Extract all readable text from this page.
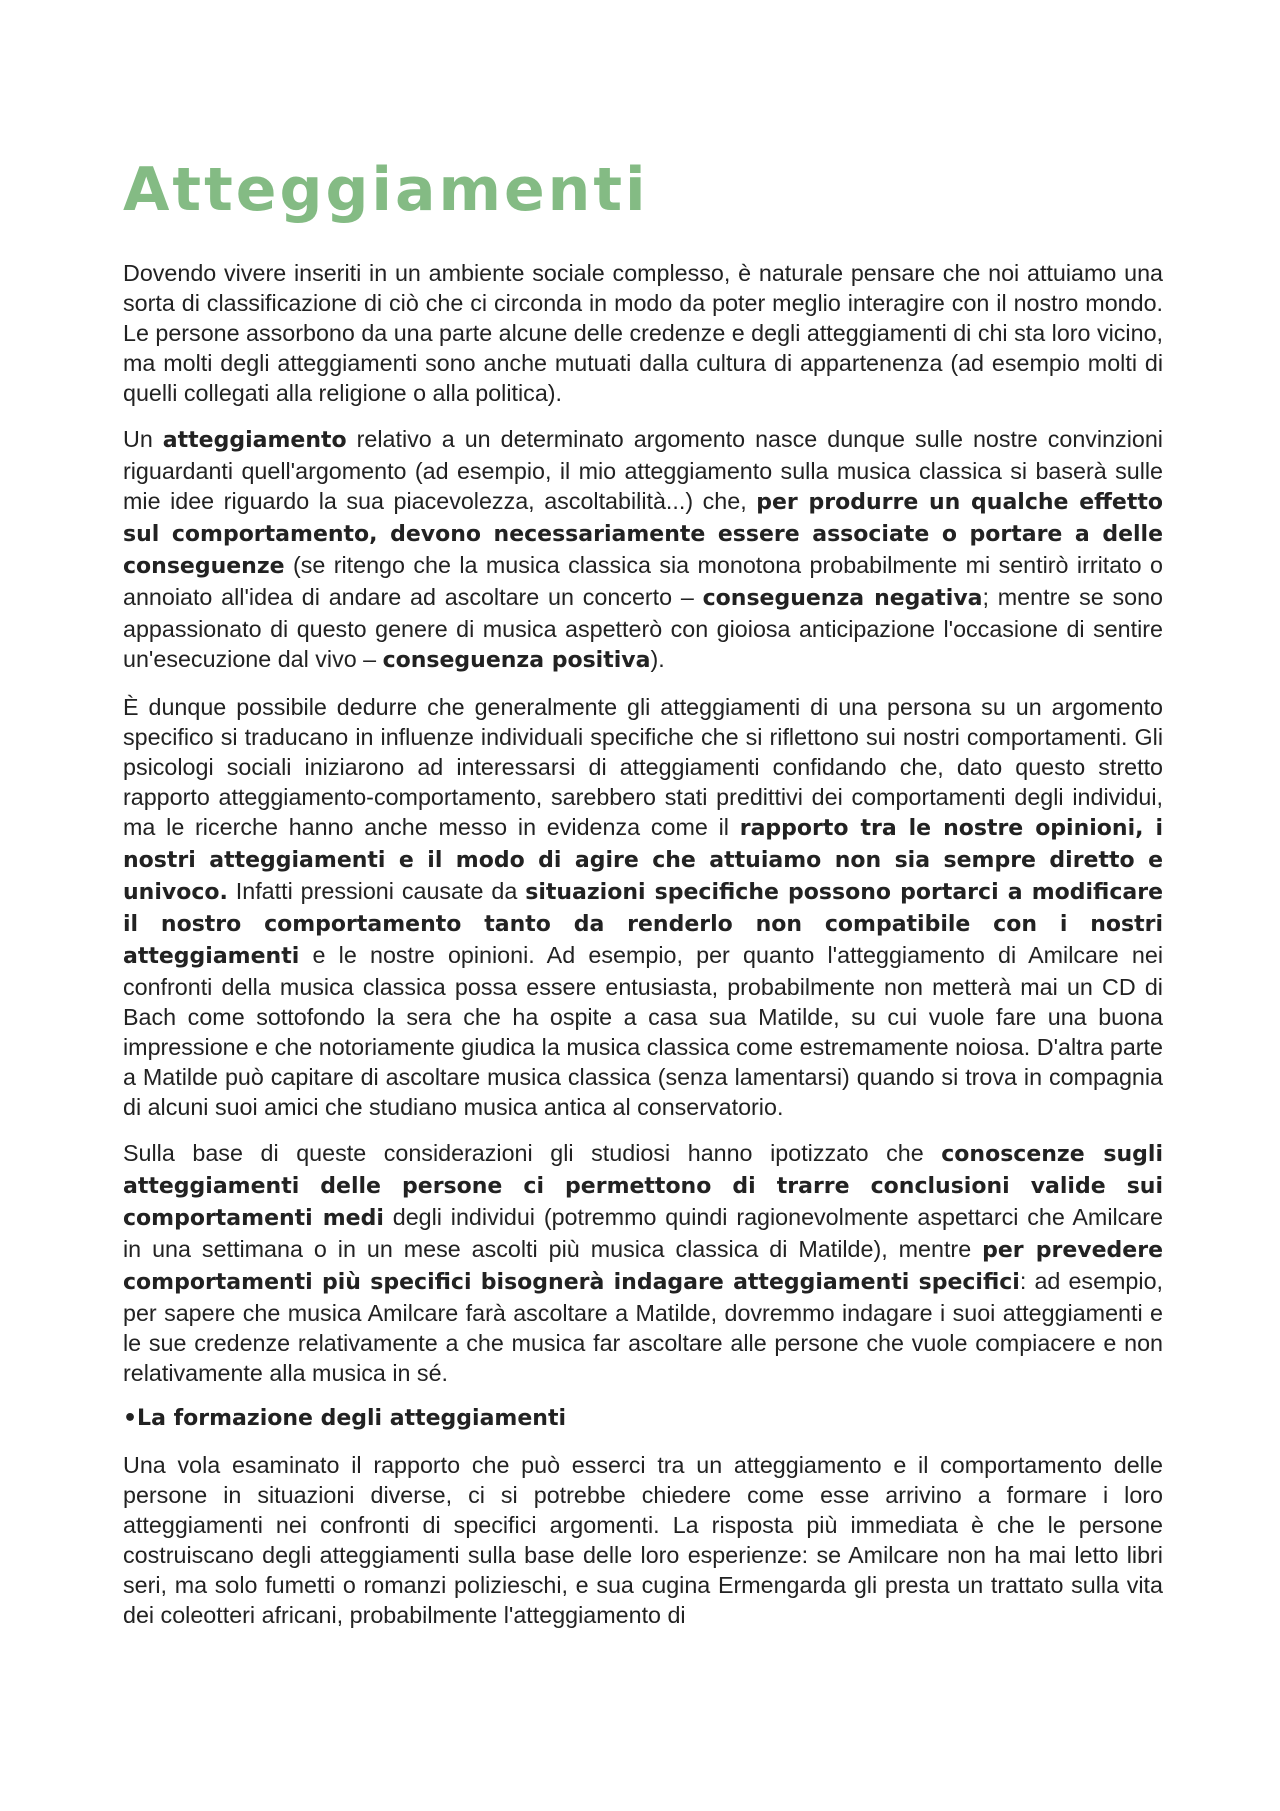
Atteggiamenti

Dovendo vivere inseriti in un ambiente sociale complesso, è naturale pensare che noi attuiamo una sorta di classificazione di ciò che ci circonda in modo da poter meglio interagire con il nostro mondo. Le persone assorbono da una parte alcune delle credenze e degli atteggiamenti di chi sta loro vicino, ma molti degli atteggiamenti sono anche mutuati dalla cultura di appartenenza (ad esempio molti di quelli collegati alla religione o alla politica).

Un atteggiamento relativo a un determinato argomento nasce dunque sulle nostre convinzioni riguardanti quell'argomento (ad esempio, il mio atteggiamento sulla musica classica si baserà sulle mie idee riguardo la sua piacevolezza, ascoltabilità...) che, per produrre un qualche effetto sul comportamento, devono necessariamente essere associate o portare a delle conseguenze (se ritengo che la musica classica sia monotona probabilmente mi sentirò irritato o annoiato all'idea di andare ad ascoltare un concerto – conseguenza negativa; mentre se sono appassionato di questo genere di musica aspetterò con gioiosa anticipazione l'occasione di sentire un'esecuzione dal vivo – conseguenza positiva).

È dunque possibile dedurre che generalmente gli atteggiamenti di una persona su un argomento specifico si traducano in influenze individuali specifiche che si riflettono sui nostri comportamenti. Gli psicologi sociali iniziarono ad interessarsi di atteggiamenti confidando che, dato questo stretto rapporto atteggiamento-comportamento, sarebbero stati predittivi dei comportamenti degli individui, ma le ricerche hanno anche messo in evidenza come il rapporto tra le nostre opinioni, i nostri atteggiamenti e il modo di agire che attuiamo non sia sempre diretto e univoco. Infatti pressioni causate da situazioni specifiche possono portarci a modificare il nostro comportamento tanto da renderlo non compatibile con i nostri atteggiamenti e le nostre opinioni. Ad esempio, per quanto l'atteggiamento di Amilcare nei confronti della musica classica possa essere entusiasta, probabilmente non metterà mai un CD di Bach come sottofondo la sera che ha ospite a casa sua Matilde, su cui vuole fare una buona impressione e che notoriamente giudica la musica classica come estremamente noiosa. D'altra parte a Matilde può capitare di ascoltare musica classica (senza lamentarsi) quando si trova in compagnia di alcuni suoi amici che studiano musica antica al conservatorio.

Sulla base di queste considerazioni gli studiosi hanno ipotizzato che conoscenze sugli atteggiamenti delle persone ci permettono di trarre conclusioni valide sui comportamenti medi degli individui (potremmo quindi ragionevolmente aspettarci che Amilcare in una settimana o in un mese ascolti più musica classica di Matilde), mentre per prevedere comportamenti più specifici bisognerà indagare atteggiamenti specifici: ad esempio, per sapere che musica Amilcare farà ascoltare a Matilde, dovremmo indagare i suoi atteggiamenti e le sue credenze relativamente a che musica far ascoltare alle persone che vuole compiacere e non relativamente alla musica in sé.

•La formazione degli atteggiamenti

Una vola esaminato il rapporto che può esserci tra un atteggiamento e il comportamento delle persone in situazioni diverse, ci si potrebbe chiedere come esse arrivino a formare i loro atteggiamenti nei confronti di specifici argomenti. La risposta più immediata è che le persone costruiscano degli atteggiamenti sulla base delle loro esperienze: se Amilcare non ha mai letto libri seri, ma solo fumetti o romanzi polizieschi, e sua cugina Ermengarda gli presta un trattato sulla vita dei coleotteri africani, probabilmente l'atteggiamento di
